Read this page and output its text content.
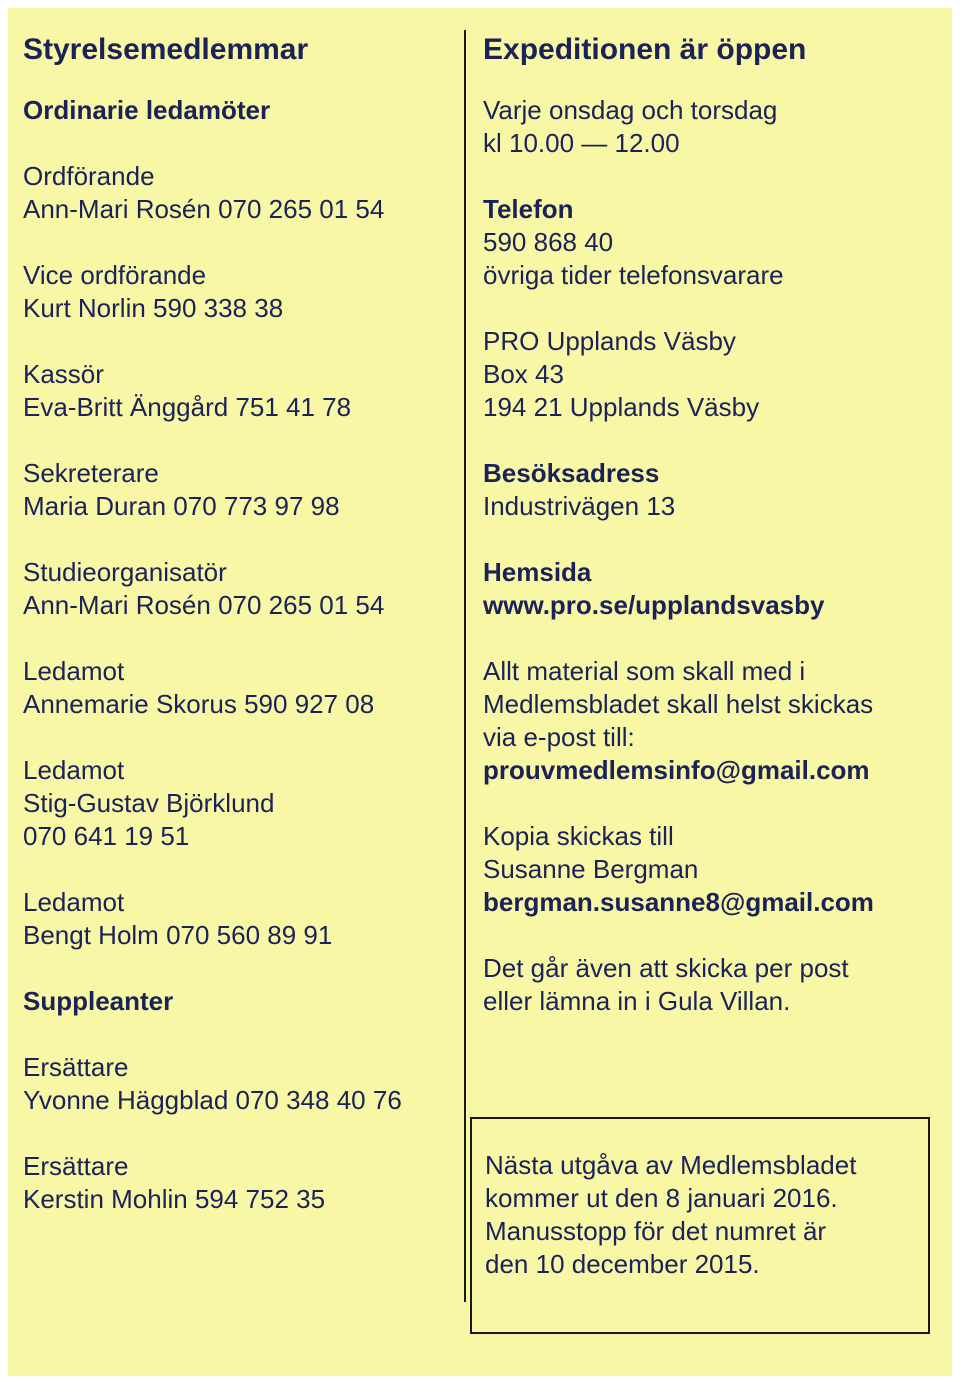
Styrelsemedlemmar
Ordinarie ledamöter
Ordförande
Ann-Mari Rosén 070 265 01 54
Vice ordförande
Kurt Norlin 590 338 38
Kassör
Eva-Britt Änggård 751 41 78
Sekreterare
Maria Duran 070 773 97 98
Studieorganisatör
Ann-Mari Rosén 070 265 01 54
Ledamot
Annemarie Skorus 590 927 08
Ledamot
Stig-Gustav Björklund
070 641 19 51
Ledamot
Bengt Holm 070 560 89 91
Suppleanter
Ersättare
Yvonne Häggblad 070 348 40 76
Ersättare
Kerstin Mohlin 594 752 35
Expeditionen är öppen
Varje onsdag och torsdag
kl 10.00 — 12.00
Telefon
590 868 40
övriga tider telefonsvarare
PRO Upplands Väsby
Box 43
194 21 Upplands Väsby
Besöksadress
Industrivägen 13
Hemsida
www.pro.se/upplandsvasby
Allt material som skall med i
Medlemsbladet skall helst skickas
via e-post till:
prouvmedlemsinfo@gmail.com
Kopia skickas till
Susanne Bergman
bergman.susanne8@gmail.com
Det går även att skicka per post
eller lämna in i Gula Villan.
Nästa utgåva av Medlemsbladet
kommer ut den 8 januari 2016.
Manusstopp för det numret är
den 10 december 2015.
